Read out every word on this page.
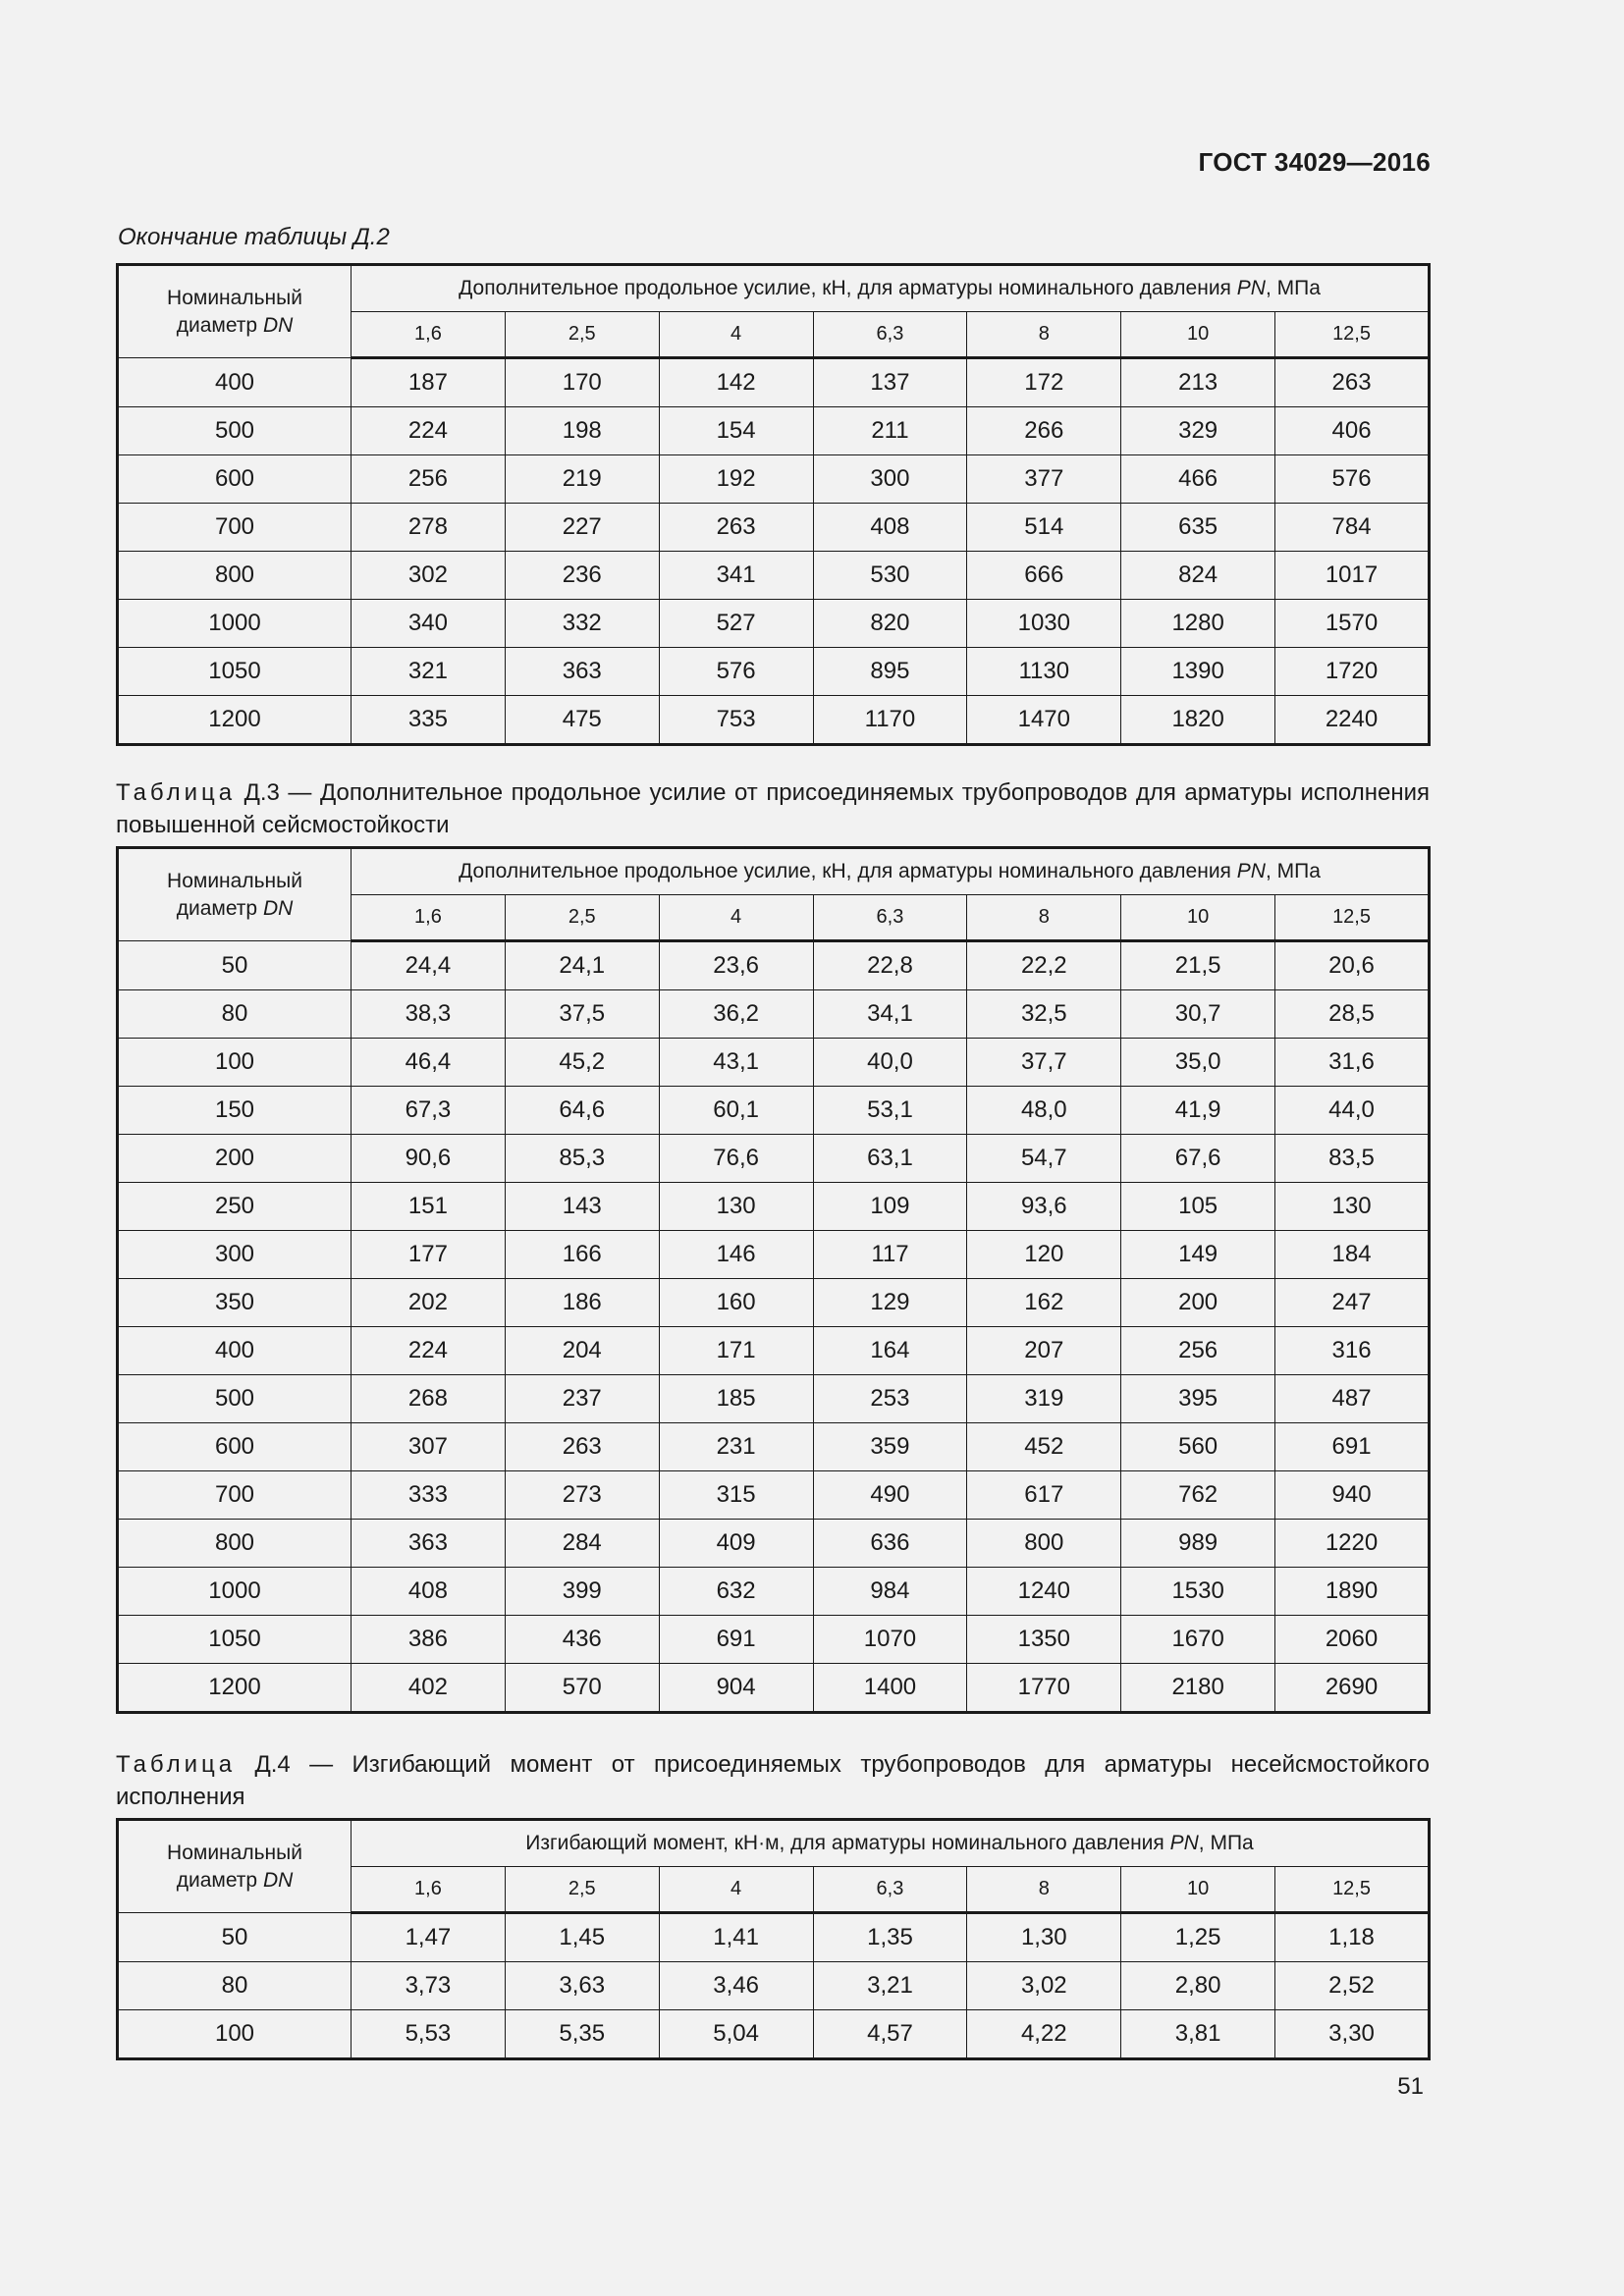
ГОСТ 34029—2016
Окончание таблицы Д.2
Номинальный
диаметр DN	Дополнительное продольное усилие, кН, для арматуры номинального давления PN, МПа						
	1,6	2,5	4	6,3	8	10	12,5
400	187	170	142	137	172	213	263
500	224	198	154	211	266	329	406
600	256	219	192	300	377	466	576
700	278	227	263	408	514	635	784
800	302	236	341	530	666	824	1017
1000	340	332	527	820	1030	1280	1570
1050	321	363	576	895	1130	1390	1720
1200	335	475	753	1170	1470	1820	2240
Таблица Д.3 — Дополнительное продольное усилие от присоединяемых трубопроводов для арматуры исполнения повышенной сейсмостойкости
Номинальный
диаметр DN	Дополнительное продольное усилие, кН, для арматуры номинального давления PN, МПа						
	1,6	2,5	4	6,3	8	10	12,5
50	24,4	24,1	23,6	22,8	22,2	21,5	20,6
80	38,3	37,5	36,2	34,1	32,5	30,7	28,5
100	46,4	45,2	43,1	40,0	37,7	35,0	31,6
150	67,3	64,6	60,1	53,1	48,0	41,9	44,0
200	90,6	85,3	76,6	63,1	54,7	67,6	83,5
250	151	143	130	109	93,6	105	130
300	177	166	146	117	120	149	184
350	202	186	160	129	162	200	247
400	224	204	171	164	207	256	316
500	268	237	185	253	319	395	487
600	307	263	231	359	452	560	691
700	333	273	315	490	617	762	940
800	363	284	409	636	800	989	1220
1000	408	399	632	984	1240	1530	1890
1050	386	436	691	1070	1350	1670	2060
1200	402	570	904	1400	1770	2180	2690
Таблица Д.4 — Изгибающий момент от присоединяемых трубопроводов для арматуры несейсмостойкого исполнения
Номинальный
диаметр DN	Изгибающий момент, кН·м, для арматуры номинального давления PN, МПа						
	1,6	2,5	4	6,3	8	10	12,5
50	1,47	1,45	1,41	1,35	1,30	1,25	1,18
80	3,73	3,63	3,46	3,21	3,02	2,80	2,52
100	5,53	5,35	5,04	4,57	4,22	3,81	3,30
51
